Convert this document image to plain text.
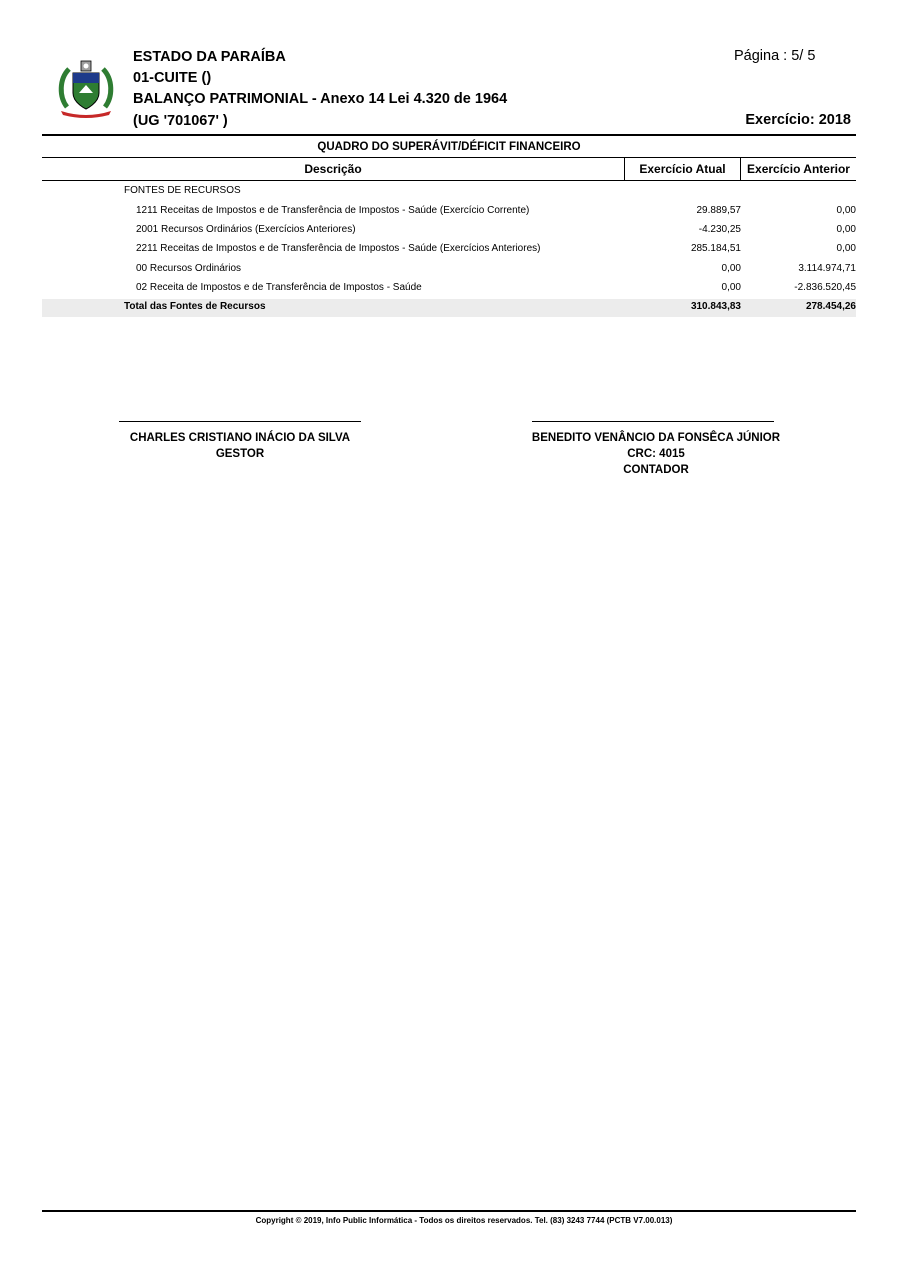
ESTADO DA PARAÍBA
01-CUITE ()
BALANÇO PATRIMONIAL - Anexo 14 Lei 4.320 de 1964
(UG '701067' )
Página : 5/ 5
Exercício: 2018
QUADRO DO SUPERÁVIT/DÉFICIT FINANCEIRO
Descrição	Exercício Atual	Exercício Anterior
FONTES DE RECURSOS
1211 Receitas de Impostos e de Transferência de Impostos - Saúde (Exercício Corrente)	29.889,57	0,00
2001 Recursos Ordinários (Exercícios Anteriores)	-4.230,25	0,00
2211 Receitas de Impostos e de Transferência de Impostos - Saúde (Exercícios Anteriores)	285.184,51	0,00
00 Recursos Ordinários	0,00	3.114.974,71
02 Receita de Impostos e de Transferência de Impostos - Saúde	0,00	-2.836.520,45
Total das Fontes de Recursos	310.843,83	278.454,26
CHARLES CRISTIANO INÁCIO DA SILVA
GESTOR
BENEDITO VENÂNCIO DA FONSÊCA JÚNIOR
CRC: 4015
CONTADOR
Copyright © 2019, Info Public Informática - Todos os direitos reservados. Tel. (83) 3243 7744 (PCTB V7.00.013)
